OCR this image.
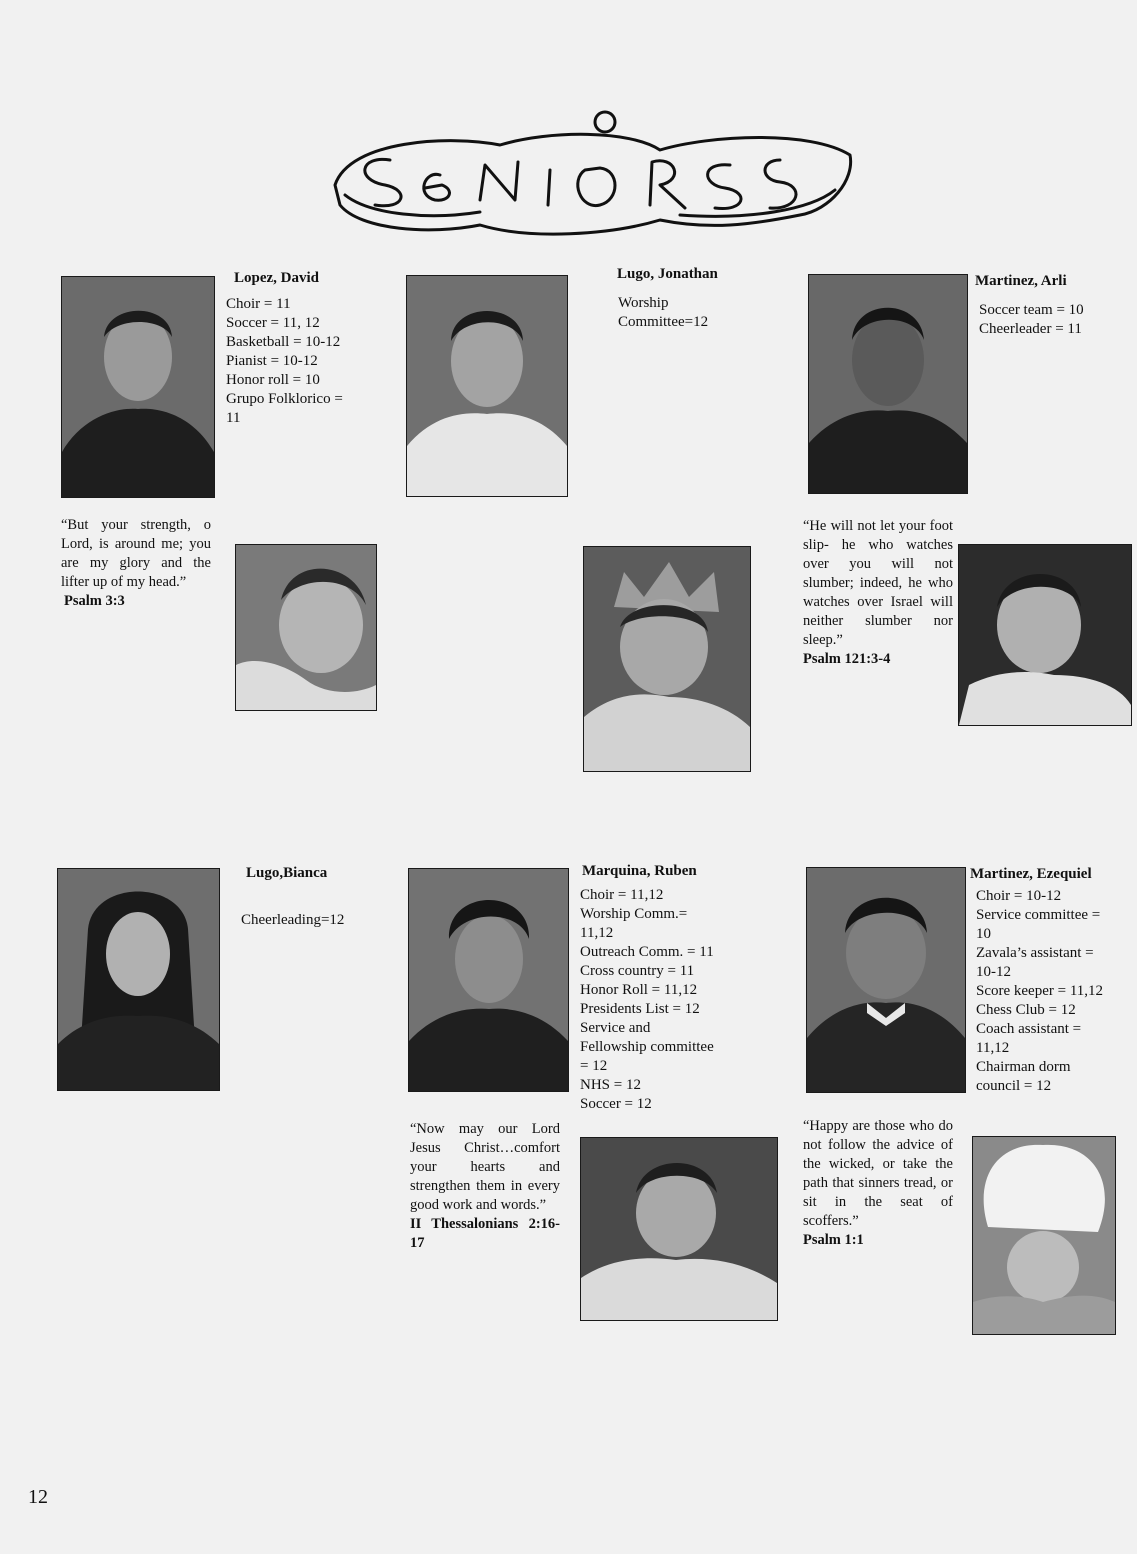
Lopez, David
Choir = 11
Soccer = 11, 12
Basketball = 10-12
Pianist = 10-12
Honor roll = 10
Grupo Folklorico =
11
“But your strength, o Lord, is around me; you are my glory and the lifter up of my head.”
Psalm 3:3
Lugo, Jonathan
Worship
Committee=12
Martinez, Arli
Soccer team = 10
Cheerleader = 11
“He will not let your foot slip- he who watches over you will not slumber; indeed, he who watches over Israel will neither slumber nor sleep.”
Psalm 121:3-4
Lugo,Bianca
Cheerleading=12
Marquina, Ruben
Choir = 11,12
Worship Comm.=
11,12
Outreach Comm. = 11
Cross country = 11
Honor Roll = 11,12
Presidents List = 12
Service and
Fellowship committee
= 12
NHS = 12
Soccer = 12
“Now may our Lord Jesus Christ…comfort your hearts and strengthen them in every good work and words.”
II Thessalonians 2:16-17
Martinez, Ezequiel
Choir = 10-12
Service committee =
10
Zavala’s assistant =
10-12
Score keeper = 11,12
Chess Club = 12
Coach assistant =
11,12
Chairman dorm
council = 12
“Happy are those who do not follow the advice of the wicked, or take the path that sinners tread, or sit in the seat of scoffers.”
Psalm 1:1
12
